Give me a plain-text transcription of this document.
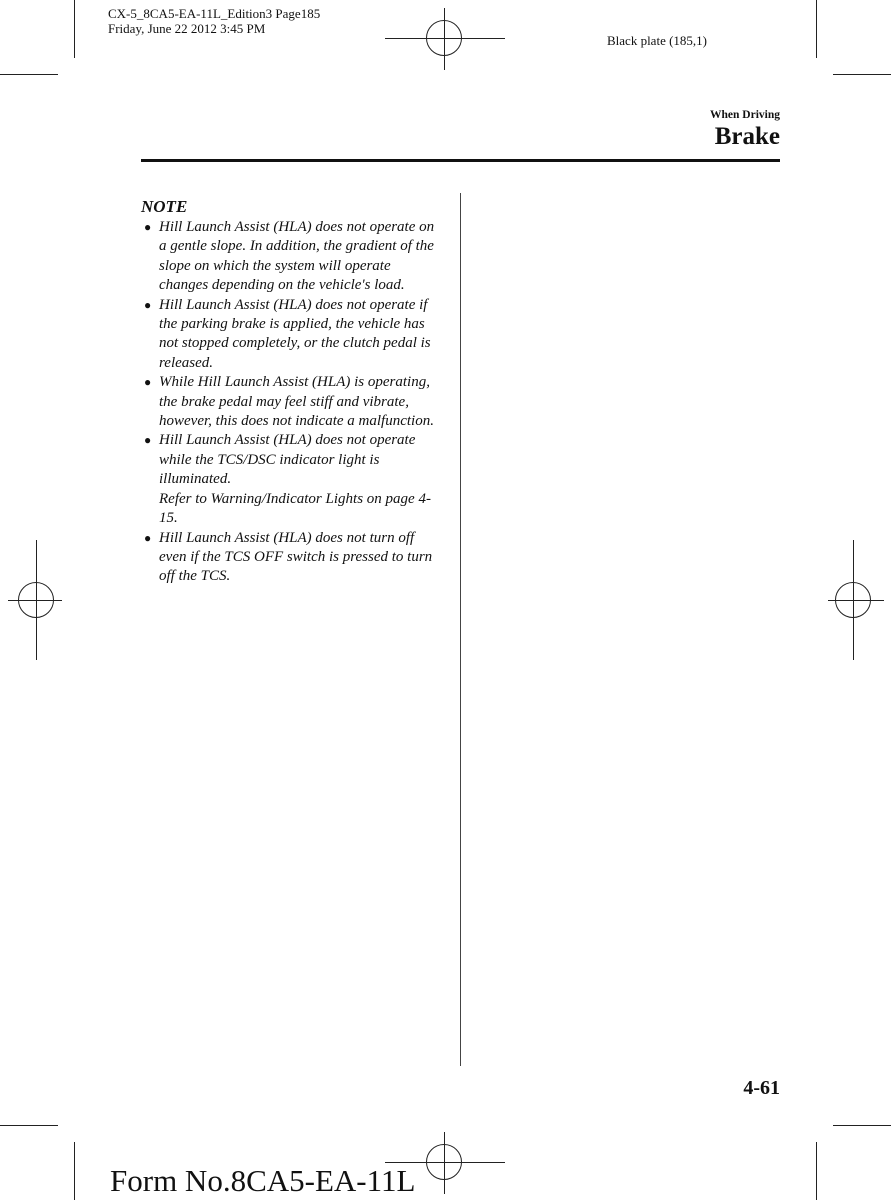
CX-5_8CA5-EA-11L_Edition3 Page185
Friday, June 22 2012 3:45 PM
Black plate (185,1)
When Driving
Brake
NOTE
● Hill Launch Assist (HLA) does not operate on a gentle slope. In addition, the gradient of the slope on which the system will operate changes depending on the vehicle's load.
● Hill Launch Assist (HLA) does not operate if the parking brake is applied, the vehicle has not stopped completely, or the clutch pedal is released.
● While Hill Launch Assist (HLA) is operating, the brake pedal may feel stiff and vibrate, however, this does not indicate a malfunction.
● Hill Launch Assist (HLA) does not operate while the TCS/DSC indicator light is illuminated.
Refer to Warning/Indicator Lights on page 4-15.
● Hill Launch Assist (HLA) does not turn off even if the TCS OFF switch is pressed to turn off the TCS.
4-61
Form No.8CA5-EA-11L
